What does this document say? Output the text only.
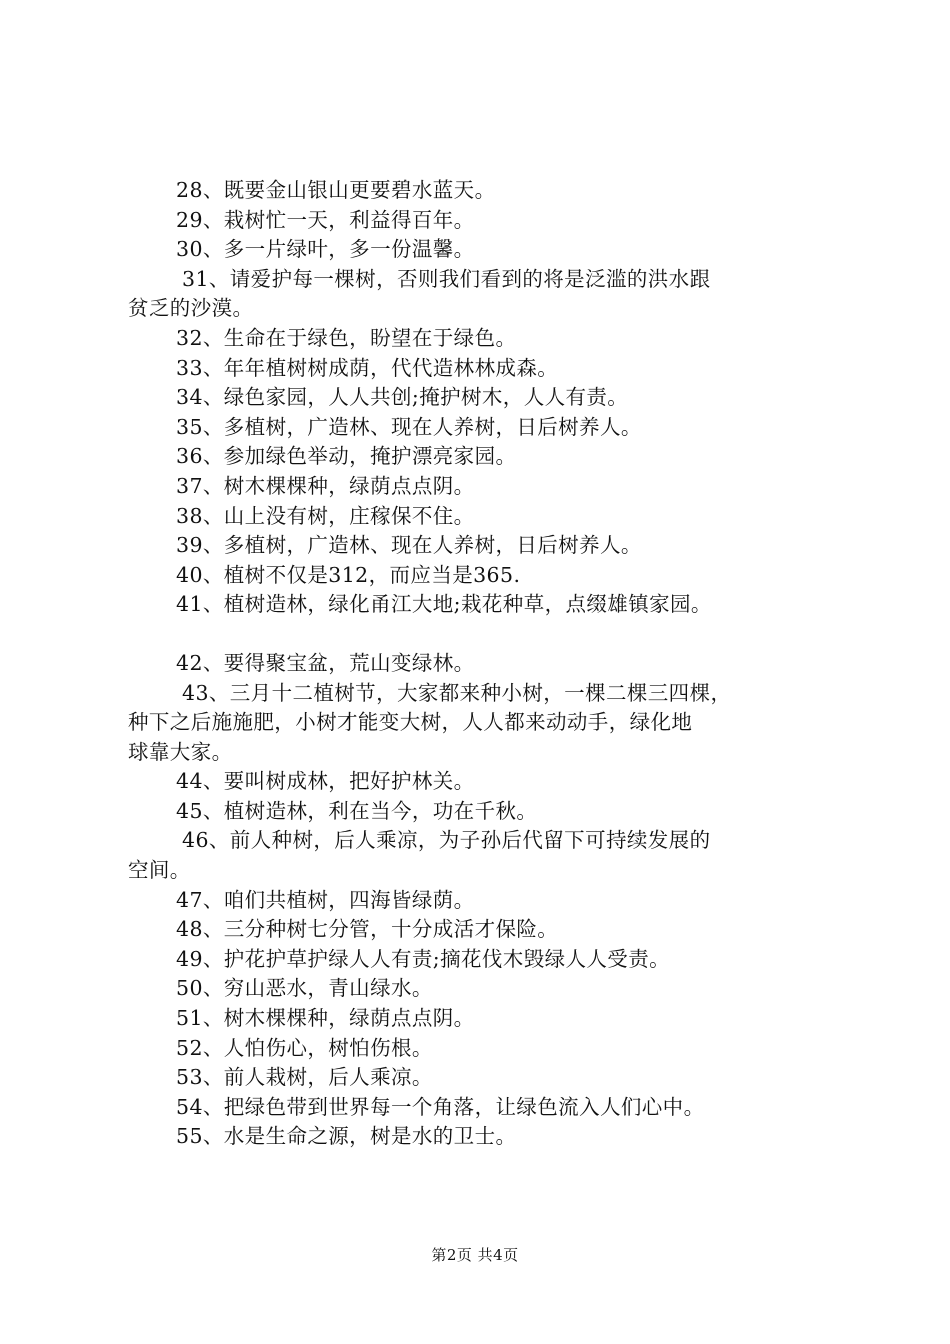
28、既要金山银山更要碧水蓝天。
29、栽树忙一天，利益得百年。
30、多一片绿叶，多一份温馨。
31、请爱护每一棵树，否则我们看到的将是泛滥的洪水跟
贫乏的沙漠。
32、生命在于绿色，盼望在于绿色。
33、年年植树树成荫，代代造林林成森。
34、绿色家园，人人共创;掩护树木，人人有责。
35、多植树，广造林、现在人养树，日后树养人。
36、参加绿色举动，掩护漂亮家园。
37、树木棵棵种，绿荫点点阴。
38、山上没有树，庄稼保不住。
39、多植树，广造林、现在人养树，日后树养人。
40、植树不仅是312，而应当是365.
41、植树造林，绿化甬江大地;栽花种草，点缀雄镇家园。
42、要得聚宝盆，荒山变绿林。
43、三月十二植树节，大家都来种小树，一棵二棵三四棵，
种下之后施施肥，小树才能变大树，人人都来动动手，绿化地
球靠大家。
44、要叫树成林，把好护林关。
45、植树造林，利在当今，功在千秋。
46、前人种树，后人乘凉，为子孙后代留下可持续发展的
空间。
47、咱们共植树，四海皆绿荫。
48、三分种树七分管，十分成活才保险。
49、护花护草护绿人人有责;摘花伐木毁绿人人受责。
50、穷山恶水，青山绿水。
51、树木棵棵种，绿荫点点阴。
52、人怕伤心，树怕伤根。
53、前人栽树，后人乘凉。
54、把绿色带到世界每一个角落，让绿色流入人们心中。
55、水是生命之源，树是水的卫士。
第2页 共4页
